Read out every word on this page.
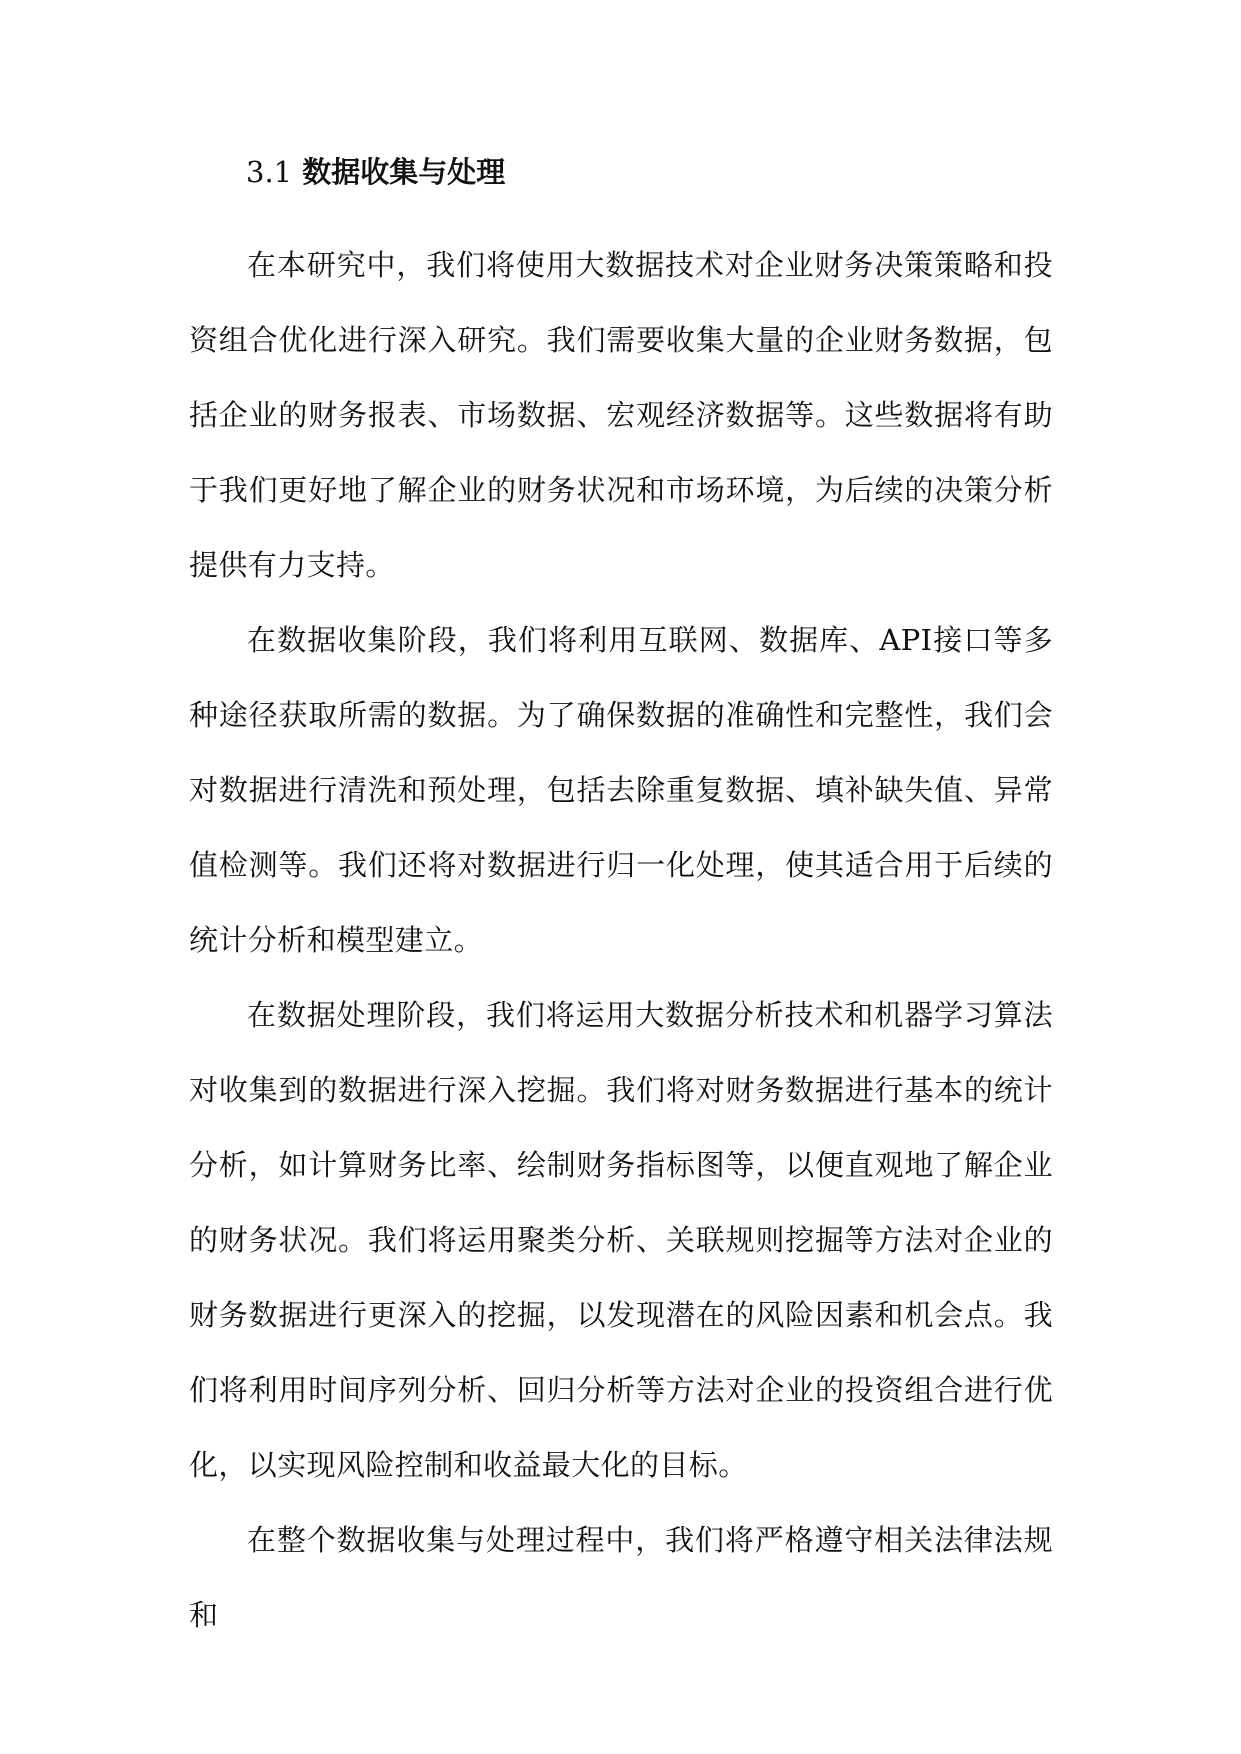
3.1 数据收集与处理

在本研究中，我们将使用大数据技术对企业财务决策策略和投资组合优化进行深入研究。我们需要收集大量的企业财务数据，包括企业的财务报表、市场数据、宏观经济数据等。这些数据将有助于我们更好地了解企业的财务状况和市场环境，为后续的决策分析提供有力支持。

在数据收集阶段，我们将利用互联网、数据库、API接口等多种途径获取所需的数据。为了确保数据的准确性和完整性，我们会对数据进行清洗和预处理，包括去除重复数据、填补缺失值、异常值检测等。我们还将对数据进行归一化处理，使其适合用于后续的统计分析和模型建立。

在数据处理阶段，我们将运用大数据分析技术和机器学习算法对收集到的数据进行深入挖掘。我们将对财务数据进行基本的统计分析，如计算财务比率、绘制财务指标图等，以便直观地了解企业的财务状况。我们将运用聚类分析、关联规则挖掘等方法对企业的财务数据进行更深入的挖掘，以发现潜在的风险因素和机会点。我们将利用时间序列分析、回归分析等方法对企业的投资组合进行优化，以实现风险控制和收益最大化的目标。

在整个数据收集与处理过程中，我们将严格遵守相关法律法规和
